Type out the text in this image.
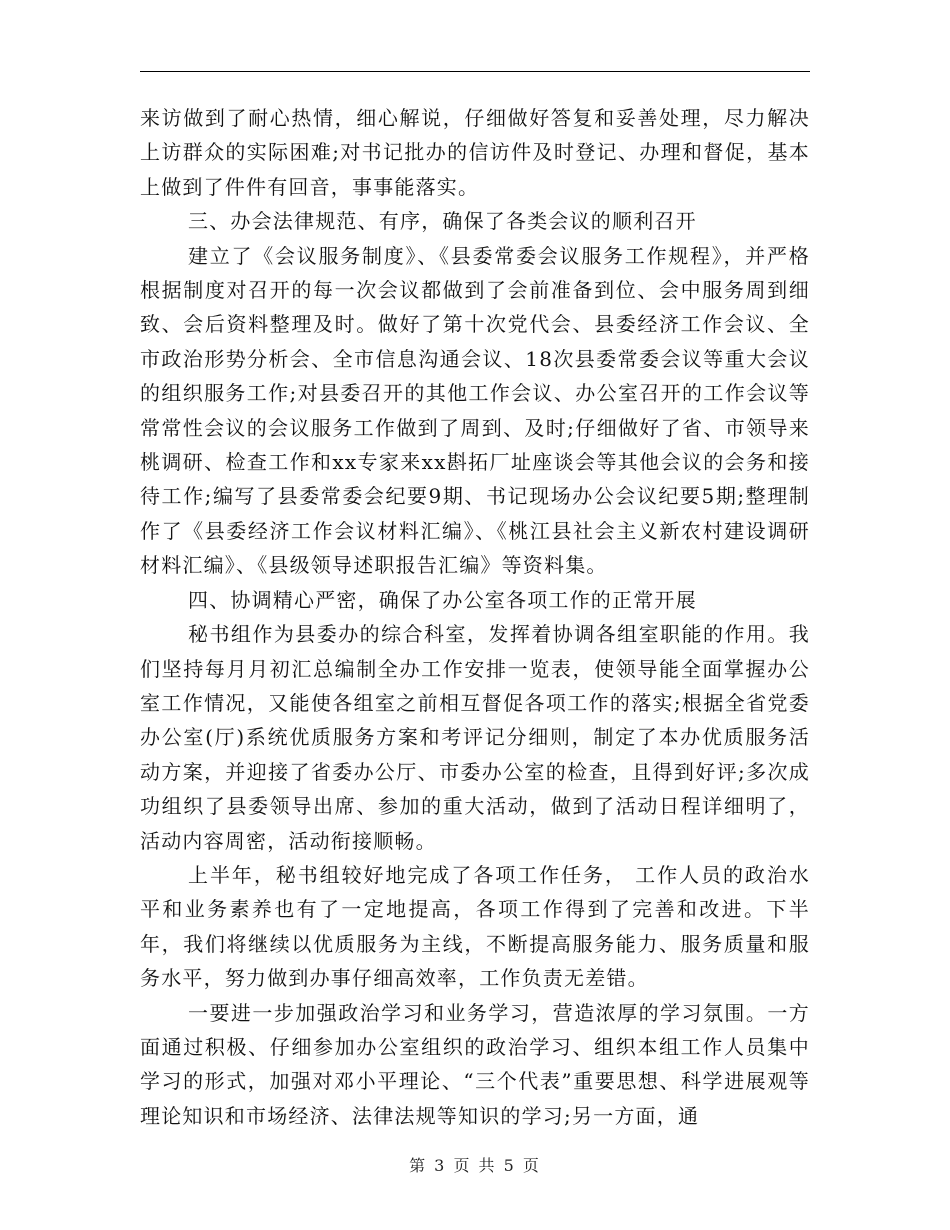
来访做到了耐心热情，细心解说，仔细做好答复和妥善处理，尽力解决上访群众的实际困难;对书记批办的信访件及时登记、办理和督促，基本上做到了件件有回音，事事能落实。

三、办会法律规范、有序，确保了各类会议的顺利召开

建立了《会议服务制度》、《县委常委会议服务工作规程》，并严格根据制度对召开的每一次会议都做到了会前准备到位、会中服务周到细致、会后资料整理及时。做好了第十次党代会、县委经济工作会议、全市政治形势分析会、全市信息沟通会议、18次县委常委会议等重大会议的组织服务工作;对县委召开的其他工作会议、办公室召开的工作会议等常常性会议的会议服务工作做到了周到、及时;仔细做好了省、市领导来桃调研、检查工作和xx专家来xx斟拓厂址座谈会等其他会议的会务和接待工作;编写了县委常委会纪要9期、书记现场办公会议纪要5期;整理制作了《县委经济工作会议材料汇编》、《桃江县社会主义新农村建设调研材料汇编》、《县级领导述职报告汇编》等资料集。

四、协调精心严密，确保了办公室各项工作的正常开展

秘书组作为县委办的综合科室，发挥着协调各组室职能的作用。我们坚持每月月初汇总编制全办工作安排一览表，使领导能全面掌握办公室工作情况，又能使各组室之前相互督促各项工作的落实;根据全省党委办公室(厅)系统优质服务方案和考评记分细则，制定了本办优质服务活动方案，并迎接了省委办公厅、市委办公室的检查，且得到好评;多次成功组织了县委领导出席、参加的重大活动，做到了活动日程详细明了，活动内容周密，活动衔接顺畅。

上半年，秘书组较好地完成了各项工作任务， 工作人员的政治水平和业务素养也有了一定地提高，各项工作得到了完善和改进。下半年，我们将继续以优质服务为主线，不断提高服务能力、服务质量和服务水平，努力做到办事仔细高效率，工作负责无差错。

一要进一步加强政治学习和业务学习，营造浓厚的学习氛围。一方面通过积极、仔细参加办公室组织的政治学习、组织本组工作人员集中学习的形式，加强对邓小平理论、“三个代表”重要思想、科学进展观等理论知识和市场经济、法律法规等知识的学习;另一方面，通

第 3 页 共 5 页
